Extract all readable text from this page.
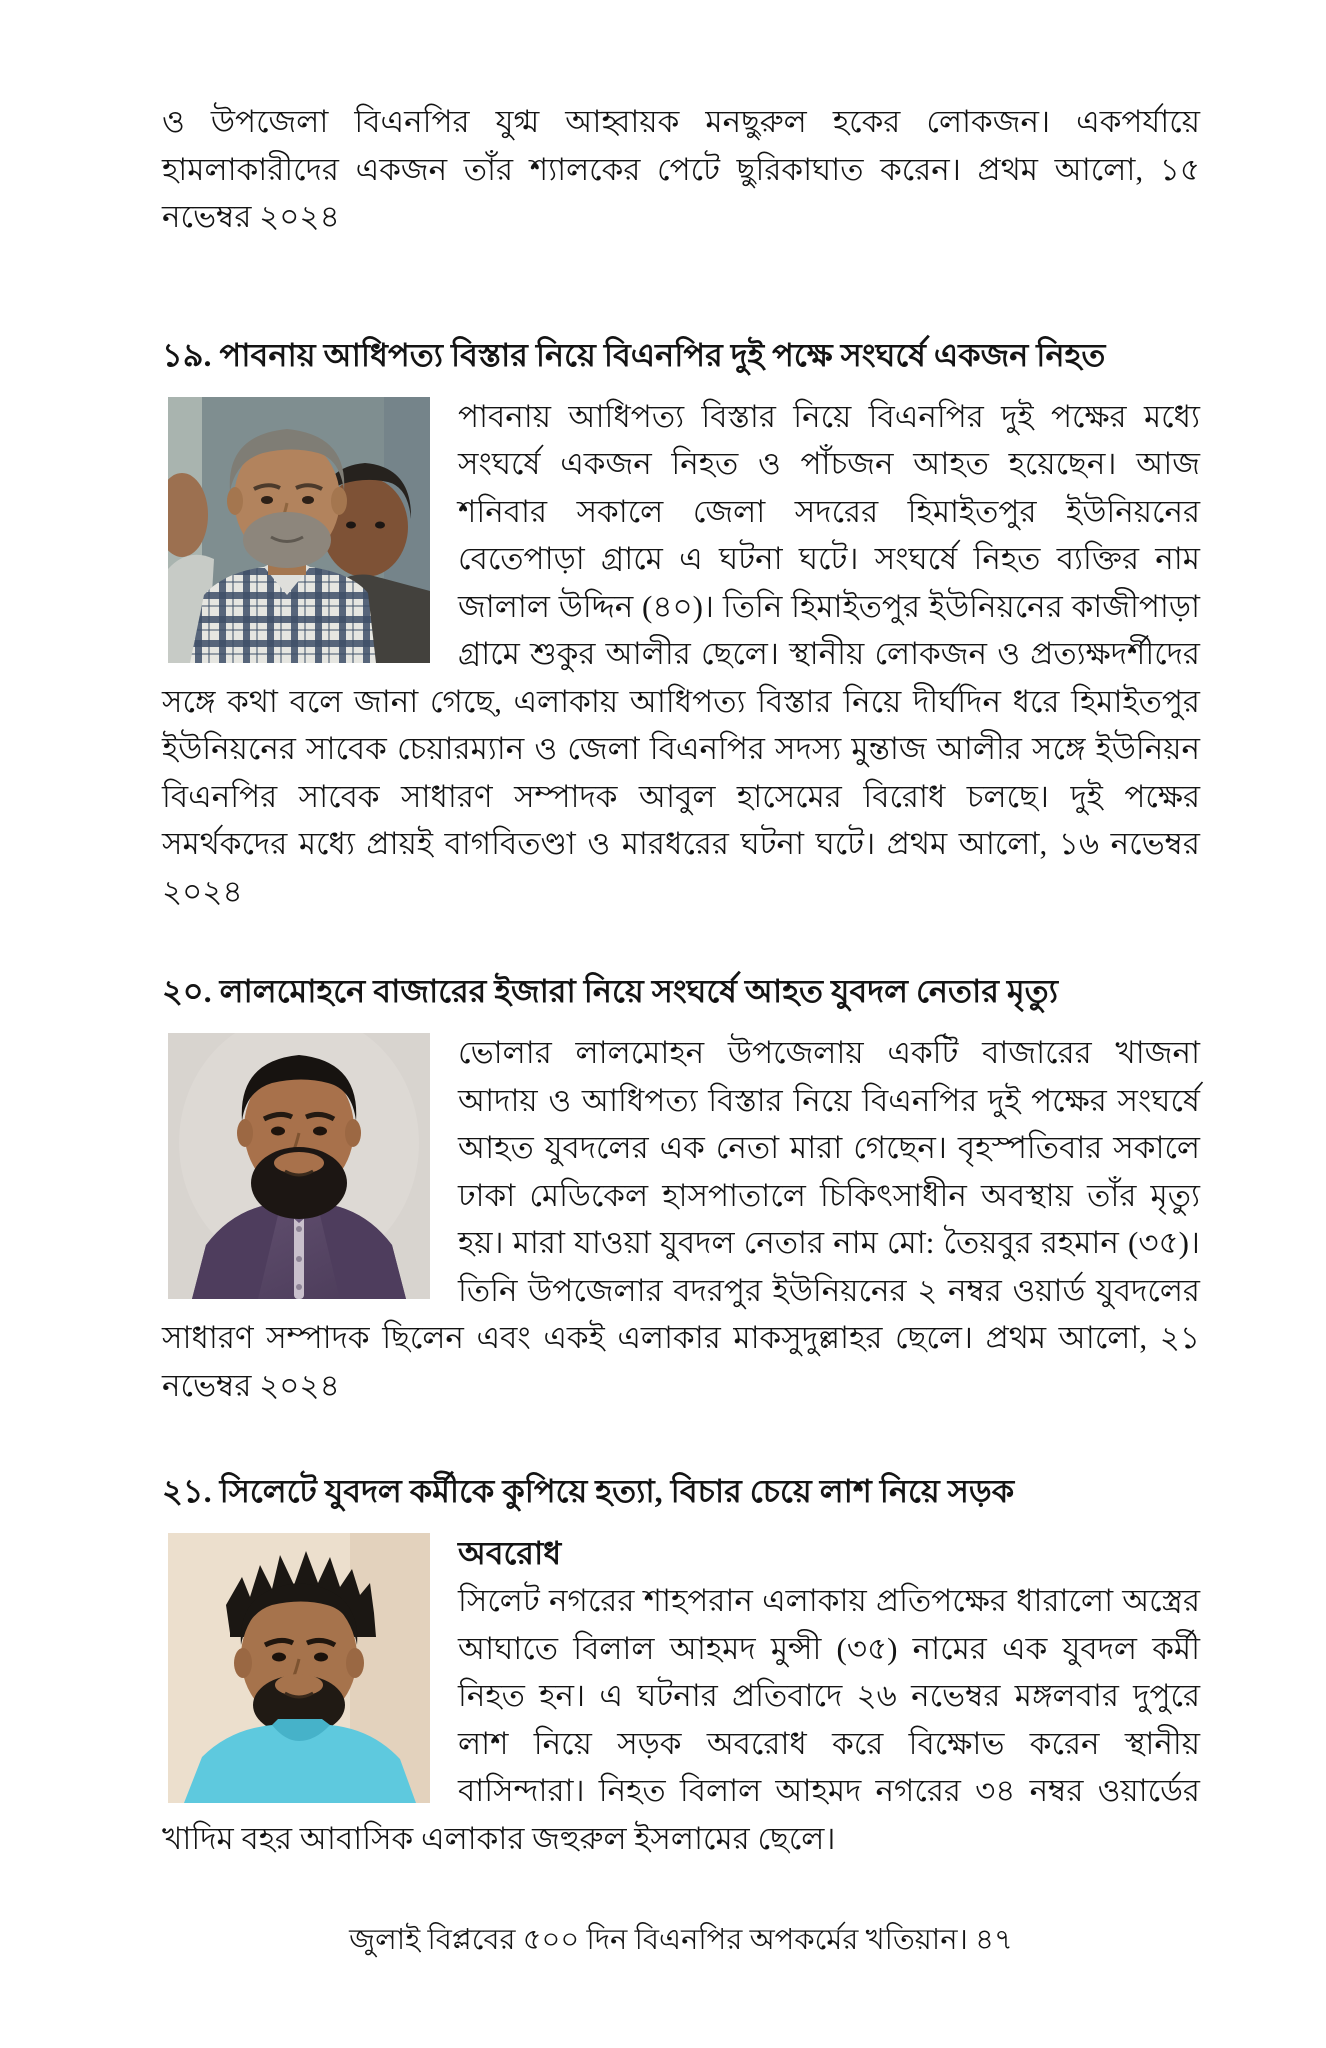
ও উপজেলা বিএনপির যুগ্ম আহ্বায়ক মনছুরুল হকের লোকজন। একপর্যায়ে হামলাকারীদের একজন তাঁর শ্যালকের পেটে ছুরিকাঘাত করেন। প্রথম আলো, ১৫ নভেম্বর ২০২৪

১৯. পাবনায় আধিপত্য বিস্তার নিয়ে বিএনপির দুই পক্ষে সংঘর্ষে একজন নিহত

পাবনায় আধিপত্য বিস্তার নিয়ে বিএনপির দুই পক্ষের মধ্যে সংঘর্ষে একজন নিহত ও পাঁচজন আহত হয়েছেন। আজ শনিবার সকালে জেলা সদরের হিমাইতপুর ইউনিয়নের বেতেপাড়া গ্রামে এ ঘটনা ঘটে। সংঘর্ষে নিহত ব্যক্তির নাম জালাল উদ্দিন (৪০)। তিনি হিমাইতপুর ইউনিয়নের কাজীপাড়া গ্রামে শুকুর আলীর ছেলে। স্থানীয় লোকজন ও প্রত্যক্ষদর্শীদের সঙ্গে কথা বলে জানা গেছে, এলাকায় আধিপত্য বিস্তার নিয়ে দীর্ঘদিন ধরে হিমাইতপুর ইউনিয়নের সাবেক চেয়ারম্যান ও জেলা বিএনপির সদস্য মুন্তাজ আলীর সঙ্গে ইউনিয়ন বিএনপির সাবেক সাধারণ সম্পাদক আবুল হাসেমের বিরোধ চলছে। দুই পক্ষের সমর্থকদের মধ্যে প্রায়ই বাগবিতণ্ডা ও মারধরের ঘটনা ঘটে। প্রথম আলো, ১৬ নভেম্বর ২০২৪

২০. লালমোহনে বাজারের ইজারা নিয়ে সংঘর্ষে আহত যুবদল নেতার মৃত্যু

ভোলার লালমোহন উপজেলায় একটি বাজারের খাজনা আদায় ও আধিপত্য বিস্তার নিয়ে বিএনপির দুই পক্ষের সংঘর্ষে আহত যুবদলের এক নেতা মারা গেছেন। বৃহস্পতিবার সকালে ঢাকা মেডিকেল হাসপাতালে চিকিৎসাধীন অবস্থায় তাঁর মৃত্যু হয়। মারা যাওয়া যুবদল নেতার নাম মো: তৈয়বুর রহমান (৩৫)। তিনি উপজেলার বদরপুর ইউনিয়নের ২ নম্বর ওয়ার্ড যুবদলের সাধারণ সম্পাদক ছিলেন এবং একই এলাকার মাকসুদুল্লাহর ছেলে। প্রথম আলো, ২১ নভেম্বর ২০২৪

২১. সিলেটে যুবদল কর্মীকে কুপিয়ে হত্যা, বিচার চেয়ে লাশ নিয়ে সড়ক
অবরোধ

সিলেট নগরের শাহপরান এলাকায় প্রতিপক্ষের ধারালো অস্ত্রের আঘাতে বিলাল আহমদ মুন্সী (৩৫) নামের এক যুবদল কর্মী নিহত হন। এ ঘটনার প্রতিবাদে ২৬ নভেম্বর মঙ্গলবার দুপুরে লাশ নিয়ে সড়ক অবরোধ করে বিক্ষোভ করেন স্থানীয় বাসিন্দারা। নিহত বিলাল আহমদ নগরের ৩৪ নম্বর ওয়ার্ডের খাদিম বহর আবাসিক এলাকার জহুরুল ইসলামের ছেলে।

জুলাই বিপ্লবের ৫০০ দিন বিএনপির অপকর্মের খতিয়ান। ৪৭
